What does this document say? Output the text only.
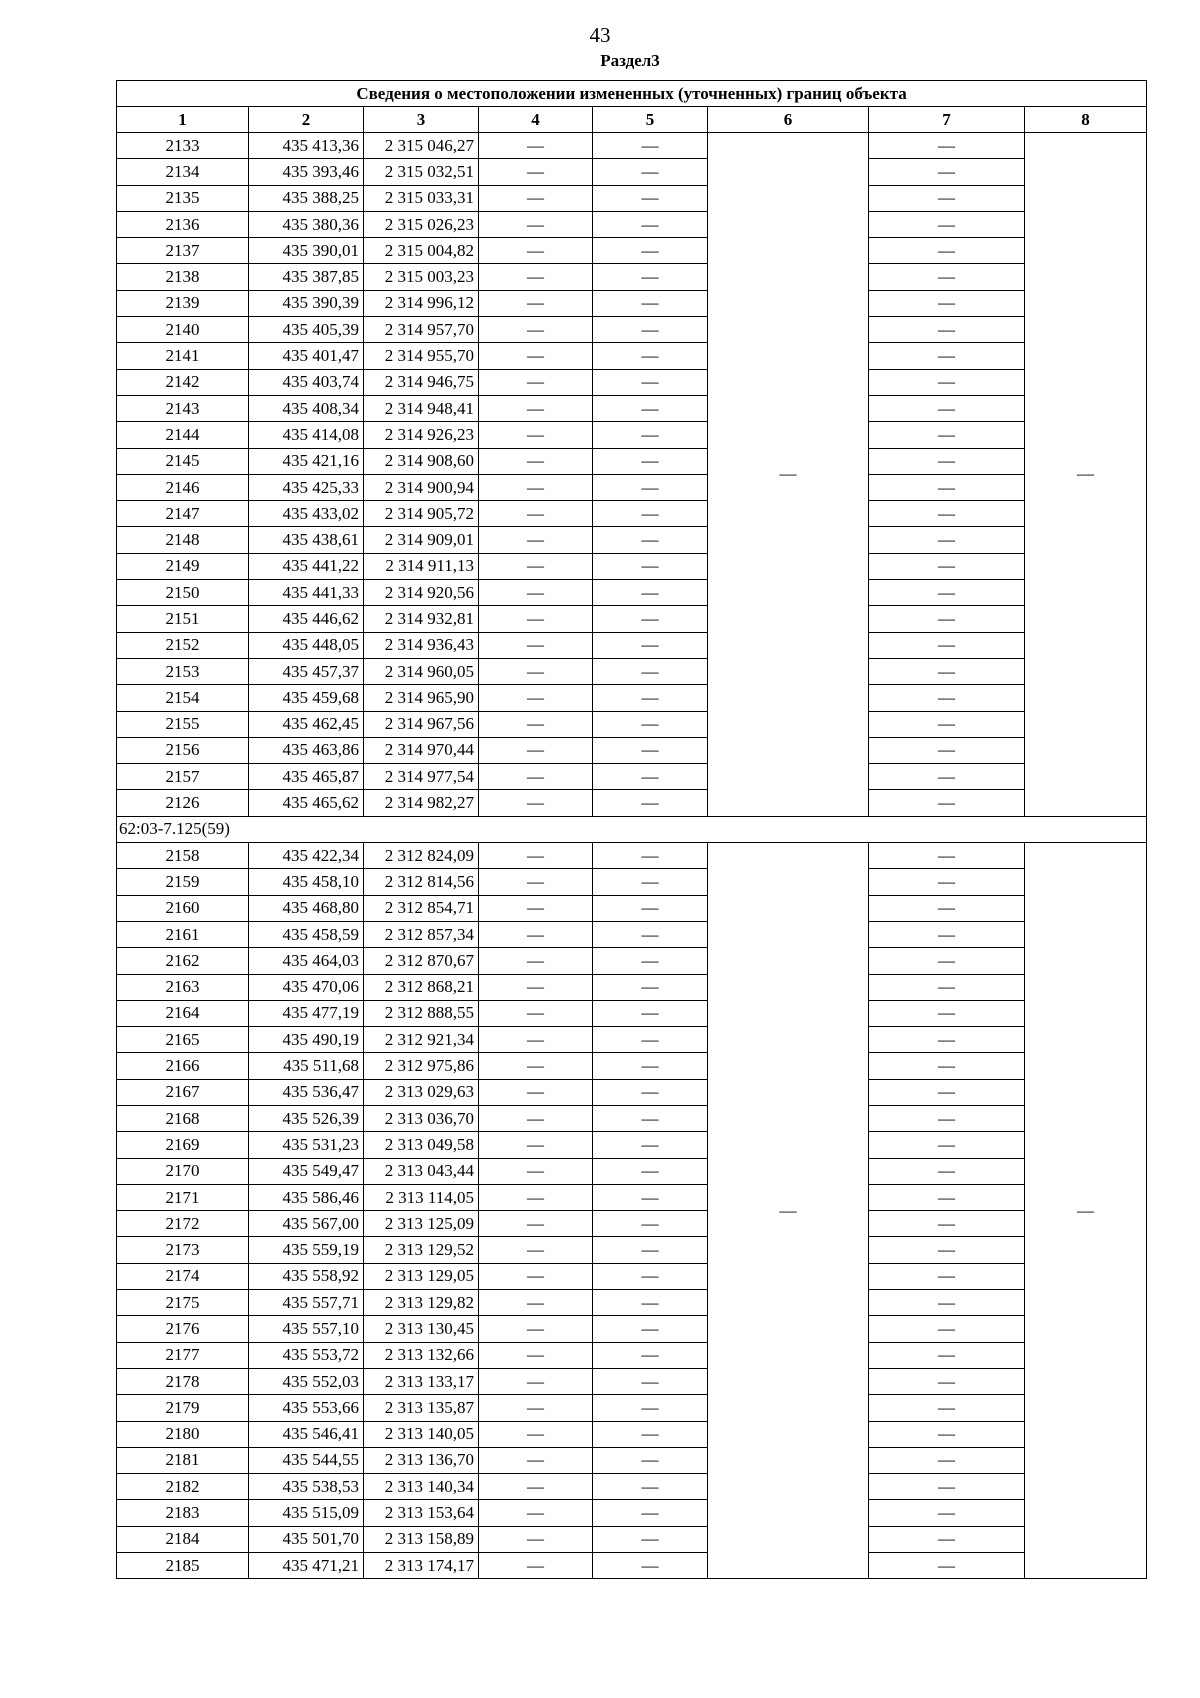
43
Раздел3
Сведения о местоположении измененных (уточненных) границ объекта							
1	2	3	4	5	6	7	8
2133	435 413,36	2 315 046,27	—	—	—	—	—
2134	435 393,46	2 315 032,51	—	—		—	
2135	435 388,25	2 315 033,31	—	—		—	
2136	435 380,36	2 315 026,23	—	—		—	
2137	435 390,01	2 315 004,82	—	—		—	
2138	435 387,85	2 315 003,23	—	—		—	
2139	435 390,39	2 314 996,12	—	—		—	
2140	435 405,39	2 314 957,70	—	—		—	
2141	435 401,47	2 314 955,70	—	—		—	
2142	435 403,74	2 314 946,75	—	—		—	
2143	435 408,34	2 314 948,41	—	—		—	
2144	435 414,08	2 314 926,23	—	—		—	
2145	435 421,16	2 314 908,60	—	—		—	
2146	435 425,33	2 314 900,94	—	—		—	
2147	435 433,02	2 314 905,72	—	—		—	
2148	435 438,61	2 314 909,01	—	—		—	
2149	435 441,22	2 314 911,13	—	—		—	
2150	435 441,33	2 314 920,56	—	—		—	
2151	435 446,62	2 314 932,81	—	—		—	
2152	435 448,05	2 314 936,43	—	—		—	
2153	435 457,37	2 314 960,05	—	—		—	
2154	435 459,68	2 314 965,90	—	—		—	
2155	435 462,45	2 314 967,56	—	—		—	
2156	435 463,86	2 314 970,44	—	—		—	
2157	435 465,87	2 314 977,54	—	—		—	
2126	435 465,62	2 314 982,27	—	—		—	
62:03-7.125(59)							
2158	435 422,34	2 312 824,09	—	—	—	—	—
2159	435 458,10	2 312 814,56	—	—		—	
2160	435 468,80	2 312 854,71	—	—		—	
2161	435 458,59	2 312 857,34	—	—		—	
2162	435 464,03	2 312 870,67	—	—		—	
2163	435 470,06	2 312 868,21	—	—		—	
2164	435 477,19	2 312 888,55	—	—		—	
2165	435 490,19	2 312 921,34	—	—		—	
2166	435 511,68	2 312 975,86	—	—		—	
2167	435 536,47	2 313 029,63	—	—		—	
2168	435 526,39	2 313 036,70	—	—		—	
2169	435 531,23	2 313 049,58	—	—		—	
2170	435 549,47	2 313 043,44	—	—		—	
2171	435 586,46	2 313 114,05	—	—		—	
2172	435 567,00	2 313 125,09	—	—		—	
2173	435 559,19	2 313 129,52	—	—		—	
2174	435 558,92	2 313 129,05	—	—		—	
2175	435 557,71	2 313 129,82	—	—		—	
2176	435 557,10	2 313 130,45	—	—		—	
2177	435 553,72	2 313 132,66	—	—		—	
2178	435 552,03	2 313 133,17	—	—		—	
2179	435 553,66	2 313 135,87	—	—		—	
2180	435 546,41	2 313 140,05	—	—		—	
2181	435 544,55	2 313 136,70	—	—		—	
2182	435 538,53	2 313 140,34	—	—		—	
2183	435 515,09	2 313 153,64	—	—		—	
2184	435 501,70	2 313 158,89	—	—		—	
2185	435 471,21	2 313 174,17	—	—		—	
